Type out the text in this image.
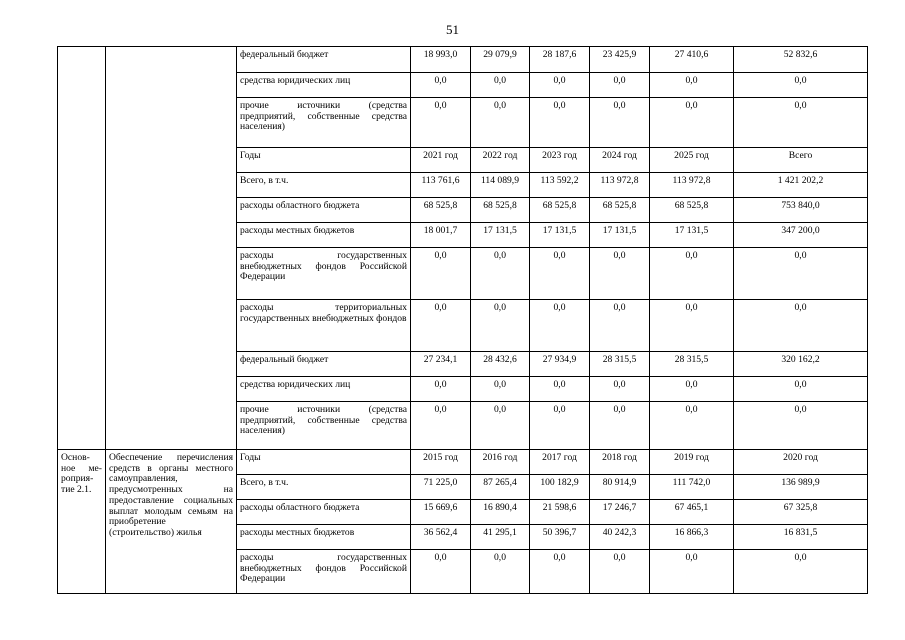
51
		федеральный бюджет	18 993,0	29 079,9	28 187,6	23 425,9	27 410,6	52 832,6
		средства юридических лиц	0,0	0,0	0,0	0,0	0,0	0,0
		прочие источники (средства предприятий, собственные средства населения)	0,0	0,0	0,0	0,0	0,0	0,0
		Годы	2021 год	2022 год	2023 год	2024 год	2025 год	Всего
		Всего, в т.ч.	113 761,6	114 089,9	113 592,2	113 972,8	113 972,8	1 421 202,2
		расходы областного бюджета	68 525,8	68 525,8	68 525,8	68 525,8	68 525,8	753 840,0
		расходы местных бюджетов	18 001,7	17 131,5	17 131,5	17 131,5	17 131,5	347 200,0
		расходы государственных внебюджетных фондов Российской Федерации	0,0	0,0	0,0	0,0	0,0	0,0
		расходы территориальных государственных внебюджетных фондов	0,0	0,0	0,0	0,0	0,0	0,0
		федеральный бюджет	27 234,1	28 432,6	27 934,9	28 315,5	28 315,5	320 162,2
		средства юридических лиц	0,0	0,0	0,0	0,0	0,0	0,0
		прочие источники (средства предприятий, собственные средства населения)	0,0	0,0	0,0	0,0	0,0	0,0
Основ-ное ме-роприя-тие 2.1.	Обеспечение перечисления средств в органы местного самоуправления, предусмотренных на предоставление социальных выплат молодым семьям на приобретение (строительство) жилья	Годы	2015 год	2016 год	2017 год	2018 год	2019 год	2020 год
		Всего, в т.ч.	71 225,0	87 265,4	100 182,9	80 914,9	111 742,0	136 989,9
		расходы областного бюджета	15 669,6	16 890,4	21 598,6	17 246,7	67 465,1	67 325,8
		расходы местных бюджетов	36 562,4	41 295,1	50 396,7	40 242,3	16 866,3	16 831,5
		расходы государственных внебюджетных фондов Российской Федерации	0,0	0,0	0,0	0,0	0,0	0,0
